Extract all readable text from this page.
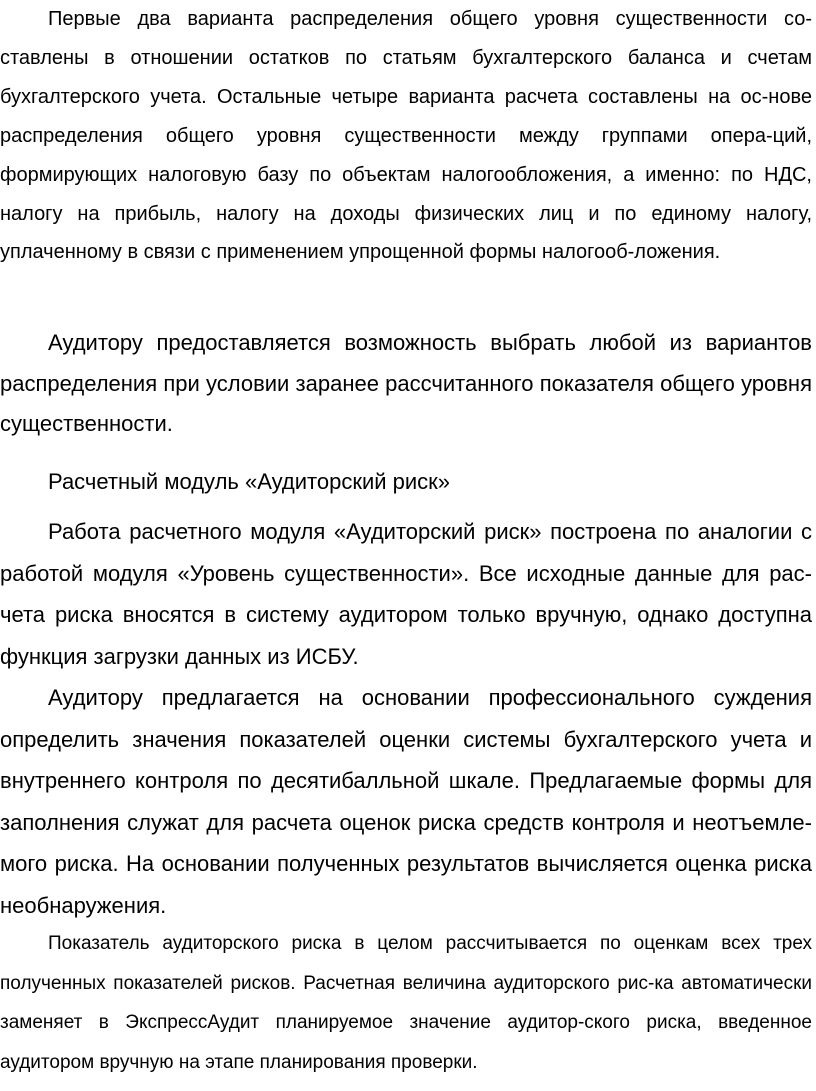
Первые два варианта распределения общего уровня существенности со-ставлены в отношении остатков по статьям бухгалтерского баланса и счетам бухгалтерского учета. Остальные четыре варианта расчета составлены на ос-нове распределения общего уровня существенности между группами опера-ций, формирующих налоговую базу по объектам налогообложения, а именно: по НДС, налогу на прибыль, налогу на доходы физических лиц и по единому налогу, уплаченному в связи с применением упрощенной формы налогооб-ложения.

Аудитору предоставляется возможность выбрать любой из вариантов распределения при условии заранее рассчитанного показателя общего уровня существенности.

Расчетный модуль «Аудиторский риск»

Работа расчетного модуля «Аудиторский риск» построена по аналогии с работой модуля «Уровень существенности». Все исходные данные для рас-чета риска вносятся в систему аудитором только вручную, однако доступна функция загрузки данных из ИСБУ.

Аудитору предлагается на основании профессионального суждения определить значения показателей оценки системы бухгалтерского учета и внутреннего контроля по десятибалльной шкале. Предлагаемые формы для заполнения служат для расчета оценок риска средств контроля и неотъемле-мого риска. На основании полученных результатов вычисляется оценка риска необнаружения.

Показатель аудиторского риска в целом рассчитывается по оценкам всех трех полученных показателей рисков. Расчетная величина аудиторского рис-ка автоматически заменяет в ЭкспрессАудит планируемое значение аудитор-ского риска, введенное аудитором вручную на этапе планирования проверки.
